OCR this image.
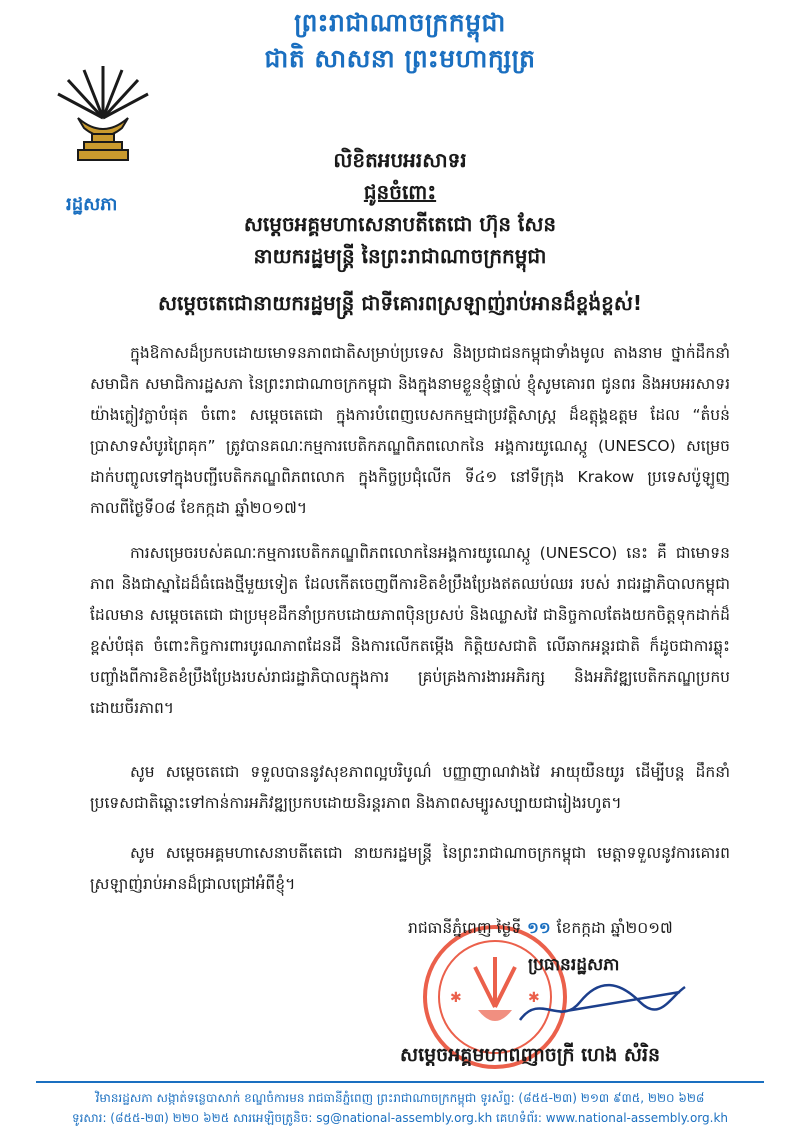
ព្រះរាជាណាចក្រកម្ពុជា
ជាតិ សាសនា ព្រះមហាក្សត្រ
រដ្ឋសភា
លិខិតអបអរសាទរ
ជូនចំពោះ
សម្តេចអគ្គមហាសេនាបតីតេជោ ហ៊ុន សែន
នាយករដ្ឋមន្ត្រី នៃព្រះរាជាណាចក្រកម្ពុជា
សម្តេចតេជោនាយករដ្ឋមន្ត្រី ជាទីគោរពស្រឡាញ់រាប់អានដ៏ខ្ពង់ខ្ពស់!
ក្នុងឱកាសដ៏ប្រកបដោយមោទនភាពជាតិសម្រាប់ប្រទេស និងប្រជាជនកម្ពុជាទាំងមូល តាងនាម ថ្នាក់ដឹកនាំ សមាជិក សមាជិការដ្ឋសភា នៃព្រះរាជាណាចក្រកម្ពុជា និងក្នុងនាមខ្លួនខ្ញុំផ្ទាល់ ខ្ញុំសូមគោរព ជូនពរ និងអបអរសាទរយ៉ាងក្លៀវក្លាបំផុត ចំពោះ សម្តេចតេជោ ក្នុងការបំពេញបេសកកម្មជាប្រវត្តិសាស្ត្រ ដ៏ឧត្តុង្គឧត្តម ដែល “តំបន់ប្រាសាទសំបូរព្រៃគុក” ត្រូវបានគណៈកម្មការបេតិកភណ្ឌពិភពលោកនៃ អង្គការយូណេស្កូ (UNESCO) សម្រេចដាក់បញ្ចូលទៅក្នុងបញ្ជីបេតិកភណ្ឌពិភពលោក ក្នុងកិច្ចប្រជុំលើក ទី៤១ នៅទីក្រុង Krakow ប្រទេសប៉ូឡូញ កាលពីថ្ងៃទី០៨ ខែកក្កដា ឆ្នាំ២០១៧។
ការសម្រេចរបស់គណៈកម្មការបេតិកភណ្ឌពិភពលោកនៃអង្គការយូណេស្កូ (UNESCO) នេះ គឺ ជាមោទនភាព និងជាស្នាដៃដ៏ធំធេងថ្មីមួយទៀត ដែលកើតចេញពីការខិតខំប្រឹងប្រែងឥតឈប់ឈរ របស់ រាជរដ្ឋាភិបាលកម្ពុជាដែលមាន សម្តេចតេជោ ជាប្រមុខដឹកនាំប្រកបដោយភាពប៉ិនប្រសប់ និងឈ្លាសវៃ ជានិច្ចកាលតែងយកចិត្តទុកដាក់ដ៏ខ្ពស់បំផុត ចំពោះកិច្ចការពារបូរណភាពដែនដី និងការលើកតម្កើង កិត្តិយសជាតិ លើឆាកអន្តរជាតិ ក៏ដូចជាការឆ្លុះបញ្ចាំងពីការខិតខំប្រឹងប្រែងរបស់រាជរដ្ឋាភិបាលក្នុងការ គ្រប់គ្រងការងារអភិរក្ស និងអភិវឌ្ឍបេតិកភណ្ឌប្រកបដោយចីរភាព។
សូម សម្តេចតេជោ ទទួលបាននូវសុខភាពល្អបរិបូណ៌ បញ្ញាញាណវាងវៃ អាយុយឺនយូរ ដើម្បីបន្ត ដឹកនាំប្រទេសជាតិឆ្ពោះទៅកាន់ការអភិវឌ្ឍប្រកបដោយនិរន្តរភាព និងភាពសម្បូរសប្បាយជារៀងរហូត។
សូម សម្តេចអគ្គមហាសេនាបតីតេជោ នាយករដ្ឋមន្ត្រី នៃព្រះរាជាណាចក្រកម្ពុជា មេត្តាទទួលនូវការគោរពស្រឡាញ់រាប់អានដ៏ជ្រាលជ្រៅអំពីខ្ញុំ។
✱	✱
រាជធានីភ្នំពេញ ថ្ងៃទី ១១ ខែកក្កដា ឆ្នាំ២០១៧
ប្រធានរដ្ឋសភា
សម្តេចអគ្គមហាពញាចក្រី ហេង សំរិន
វិមានរដ្ឋសភា សង្កាត់ទន្លេបាសាក់ ខណ្ឌចំការមន រាជធានីភ្នំពេញ ព្រះរាជាណាចក្រកម្ពុជា ទូរស័ព្ទ: (៨៥៥-២៣) ២១៣ ៩៣៥, ២២០ ៦២៨
ទូរសារ: (៨៥៥-២៣) ២២០ ៦២៥ សារអេឡិចត្រូនិច: sg@national-assembly.org.kh គេហទំព័រ: www.national-assembly.org.kh
